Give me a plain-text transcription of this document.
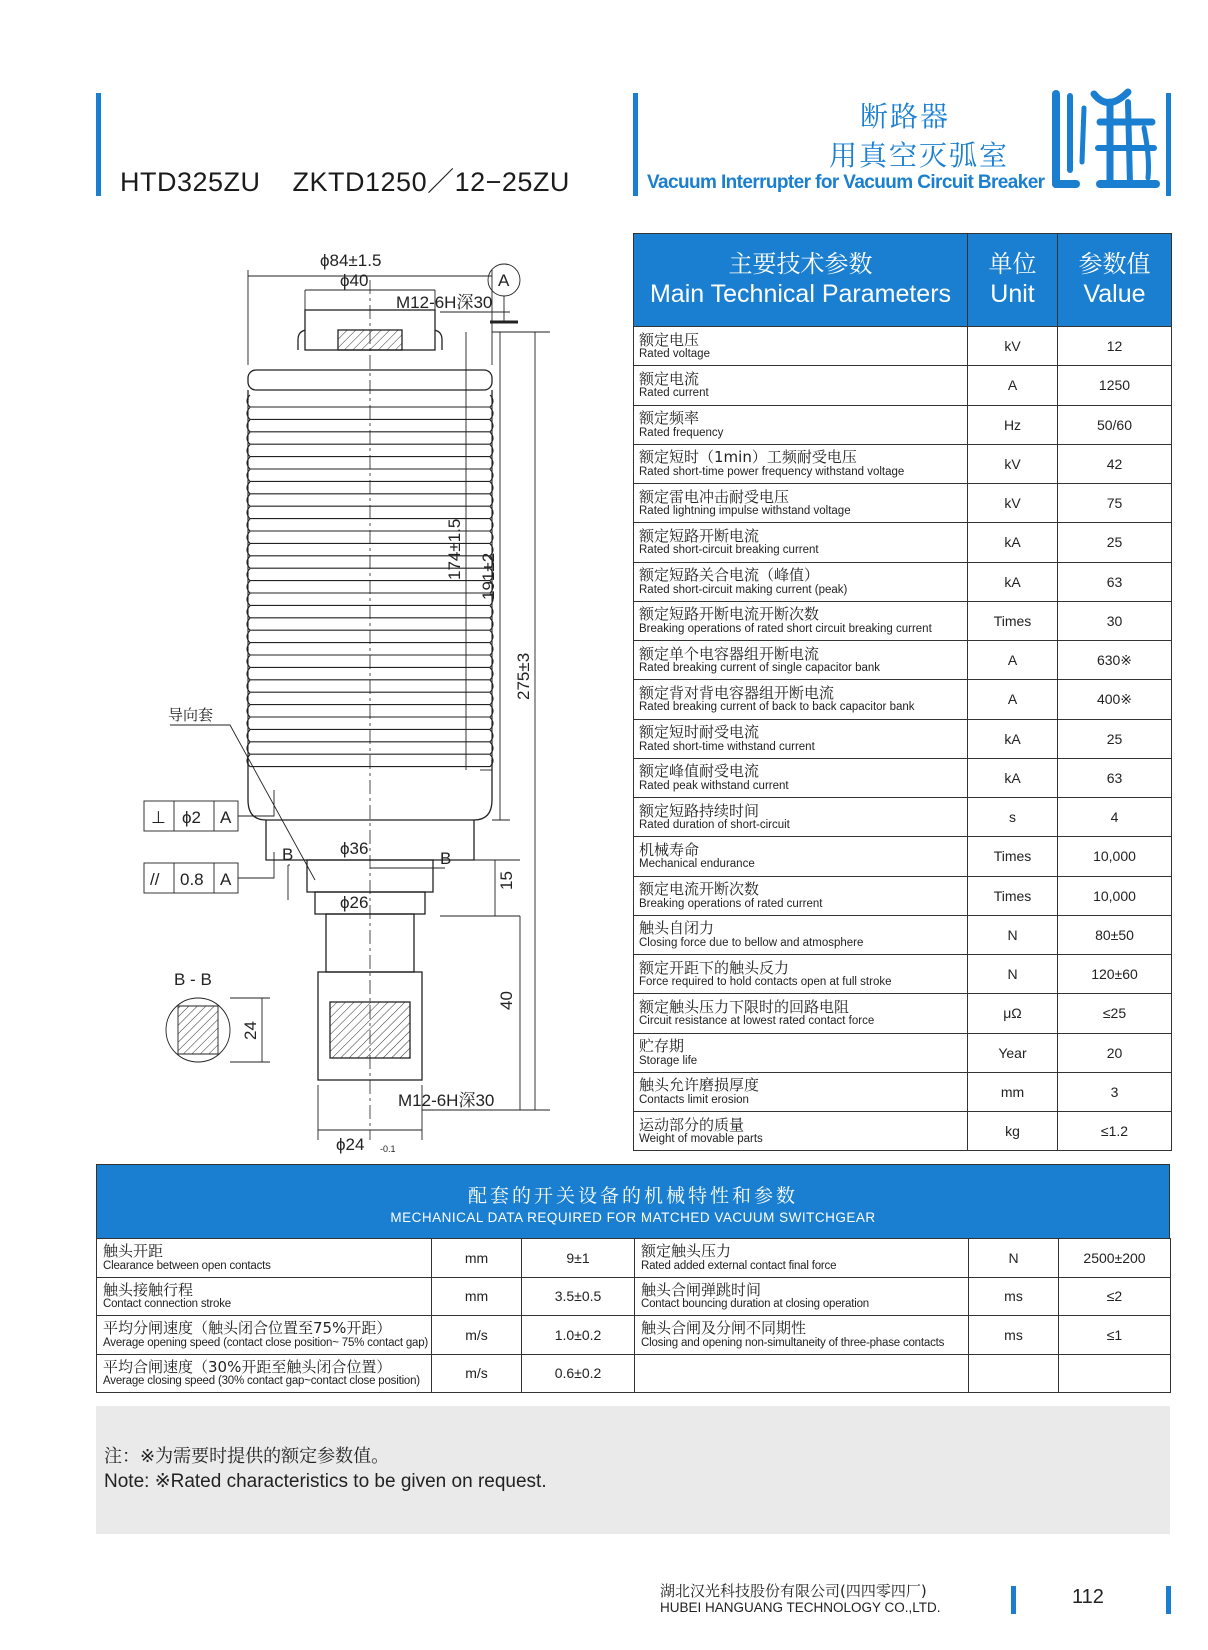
HTD325ZU    ZKTD1250／12−25ZU
断路器
用真空灭弧室
Vacuum Interrupter for Vacuum Circuit Breaker
ϕ84±1.5
ϕ40
M12-6H深30
A
174±1.5 191±2
275±3
导向套
ϕ36
15
⊥ ϕ2 A
B	B
ϕ26
// 0.8 A
40
B - B
24
M12-6H深30
ϕ24 -0.1
主要技术参数
Main Technical Parameters	单位
Unit	参数值
Value

额定电压
Rated voltage	kV	12

额定电流
Rated current	A	1250

额定频率
Rated frequency	Hz	50/60

额定短时（1min）工频耐受电压
Rated short-time power frequency withstand voltage	kV	42

额定雷电冲击耐受电压
Rated lightning impulse withstand voltage	kV	75

额定短路开断电流
Rated short-circuit breaking current	kA	25

额定短路关合电流（峰值）
Rated short-circuit making current (peak)	kA	63

额定短路开断电流开断次数
Breaking operations of rated short circuit breaking current	Times	30

额定单个电容器组开断电流
Rated breaking current of single capacitor bank	A	630※

额定背对背电容器组开断电流
Rated breaking current of back to back capacitor bank	A	400※

额定短时耐受电流
Rated short-time withstand current	kA	25

额定峰值耐受电流
Rated peak withstand current	kA	63

额定短路持续时间
Rated duration of short-circuit	s	4

机械寿命
Mechanical endurance	Times	10,000

额定电流开断次数
Breaking operations of rated current	Times	10,000

触头自闭力
Closing force due to bellow and atmosphere	N	80±50

额定开距下的触头反力
Force required to hold contacts open at full stroke	N	120±60

额定触头压力下限时的回路电阻
Circuit resistance at lowest rated contact force	μΩ	≤25

贮存期
Storage life	Year	20

触头允许磨损厚度
Contacts limit erosion	mm	3

运动部分的质量
Weight of movable parts	kg	≤1.2
配套的开关设备的机械特性和参数
MECHANICAL DATA REQUIRED FOR MATCHED VACUUM SWITCHGEAR
触头开距
Clearance between open contacts	mm	9±1	额定触头压力
Rated added external contact final force	N	2500±200

触头接触行程
Contact connection stroke	mm	3.5±0.5	触头合闸弹跳时间
Contact bouncing duration at closing operation	ms	≤2

平均分闸速度（触头闭合位置至75%开距）
Average opening speed (contact close position~ 75% contact gap)	m/s	1.0±0.2	触头合闸及分闸不同期性
Closing and opening non-simultaneity of three-phase contacts	ms	≤1

平均合闸速度（30%开距至触头闭合位置）
Average closing speed (30% contact gap~contact close position)	m/s	0.6±0.2	

注：※为需要时提供的额定参数值。
Note: ※Rated characteristics to be given on request.
湖北汉光科技股份有限公司(四四零四厂)
HUBEI HANGUANG TECHNOLOGY CO.,LTD.	112
